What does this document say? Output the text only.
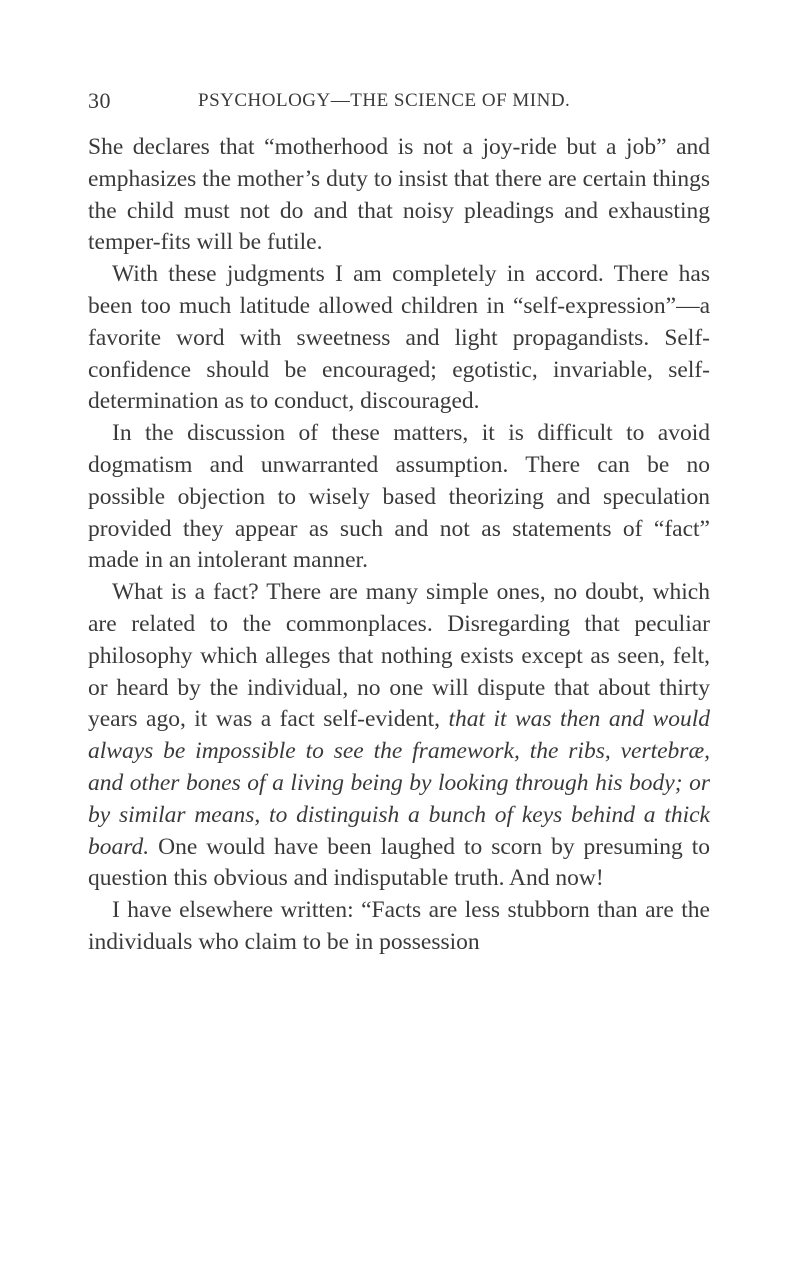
30	PSYCHOLOGY—THE SCIENCE OF MIND.

She declares that “motherhood is not a joy-ride but a job” and emphasizes the mother’s duty to insist that there are certain things the child must not do and that noisy pleadings and exhausting temper-fits will be futile.

With these judgments I am completely in accord. There has been too much latitude allowed children in “self-expression”—a favorite word with sweetness and light propagandists. Self-confidence should be encouraged; egotistic, invariable, self-determination as to conduct, discouraged.

In the discussion of these matters, it is difficult to avoid dogmatism and unwarranted assumption. There can be no possible objection to wisely based theorizing and speculation provided they appear as such and not as statements of “fact” made in an intolerant manner.

What is a fact? There are many simple ones, no doubt, which are related to the commonplaces. Disregarding that peculiar philosophy which alleges that nothing exists except as seen, felt, or heard by the individual, no one will dispute that about thirty years ago, it was a fact self-evident, that it was then and would always be impossible to see the framework, the ribs, vertebræ, and other bones of a living being by looking through his body; or by similar means, to distinguish a bunch of keys behind a thick board. One would have been laughed to scorn by presuming to question this obvious and indisputable truth. And now!

I have elsewhere written: “Facts are less stubborn than are the individuals who claim to be in possession
